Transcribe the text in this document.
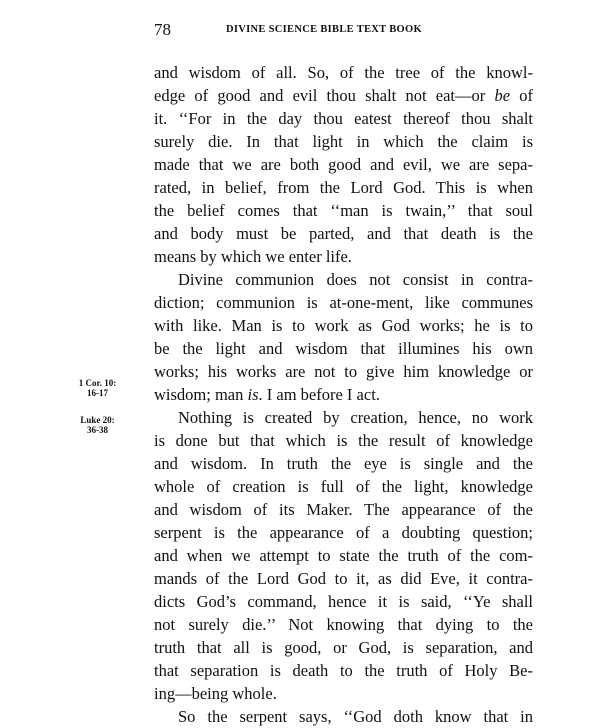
78	DIVINE SCIENCE BIBLE TEXT BOOK
1 Cor. 10:
16-17
Luke 20:
36-38
and wisdom of all. So, of the tree of the knowl-
edge of good and evil thou shalt not eat—or be of
it. ‘‘For in the day thou eatest thereof thou shalt
surely die. In that light in which the claim is
made that we are both good and evil, we are sepa-
rated, in belief, from the Lord God. This is when
the belief comes that ‘‘man is twain,’’ that soul
and body must be parted, and that death is the
means by which we enter life.
Divine communion does not consist in contra-
diction; communion is at-one-ment, like communes
with like. Man is to work as God works; he is to
be the light and wisdom that illumines his own
works; his works are not to give him knowledge or
wisdom; man is. I am before I act.
Nothing is created by creation, hence, no work
is done but that which is the result of knowledge
and wisdom. In truth the eye is single and the
whole of creation is full of the light, knowledge
and wisdom of its Maker. The appearance of the
serpent is the appearance of a doubting question;
and when we attempt to state the truth of the com-
mands of the Lord God to it, as did Eve, it contra-
dicts God’s command, hence it is said, ‘‘Ye shall
not surely die.’’ Not knowing that dying to the
truth that all is good, or God, is separation, and
that separation is death to the truth of Holy Be-
ing—being whole.
So the serpent says, ‘‘God doth know that in
